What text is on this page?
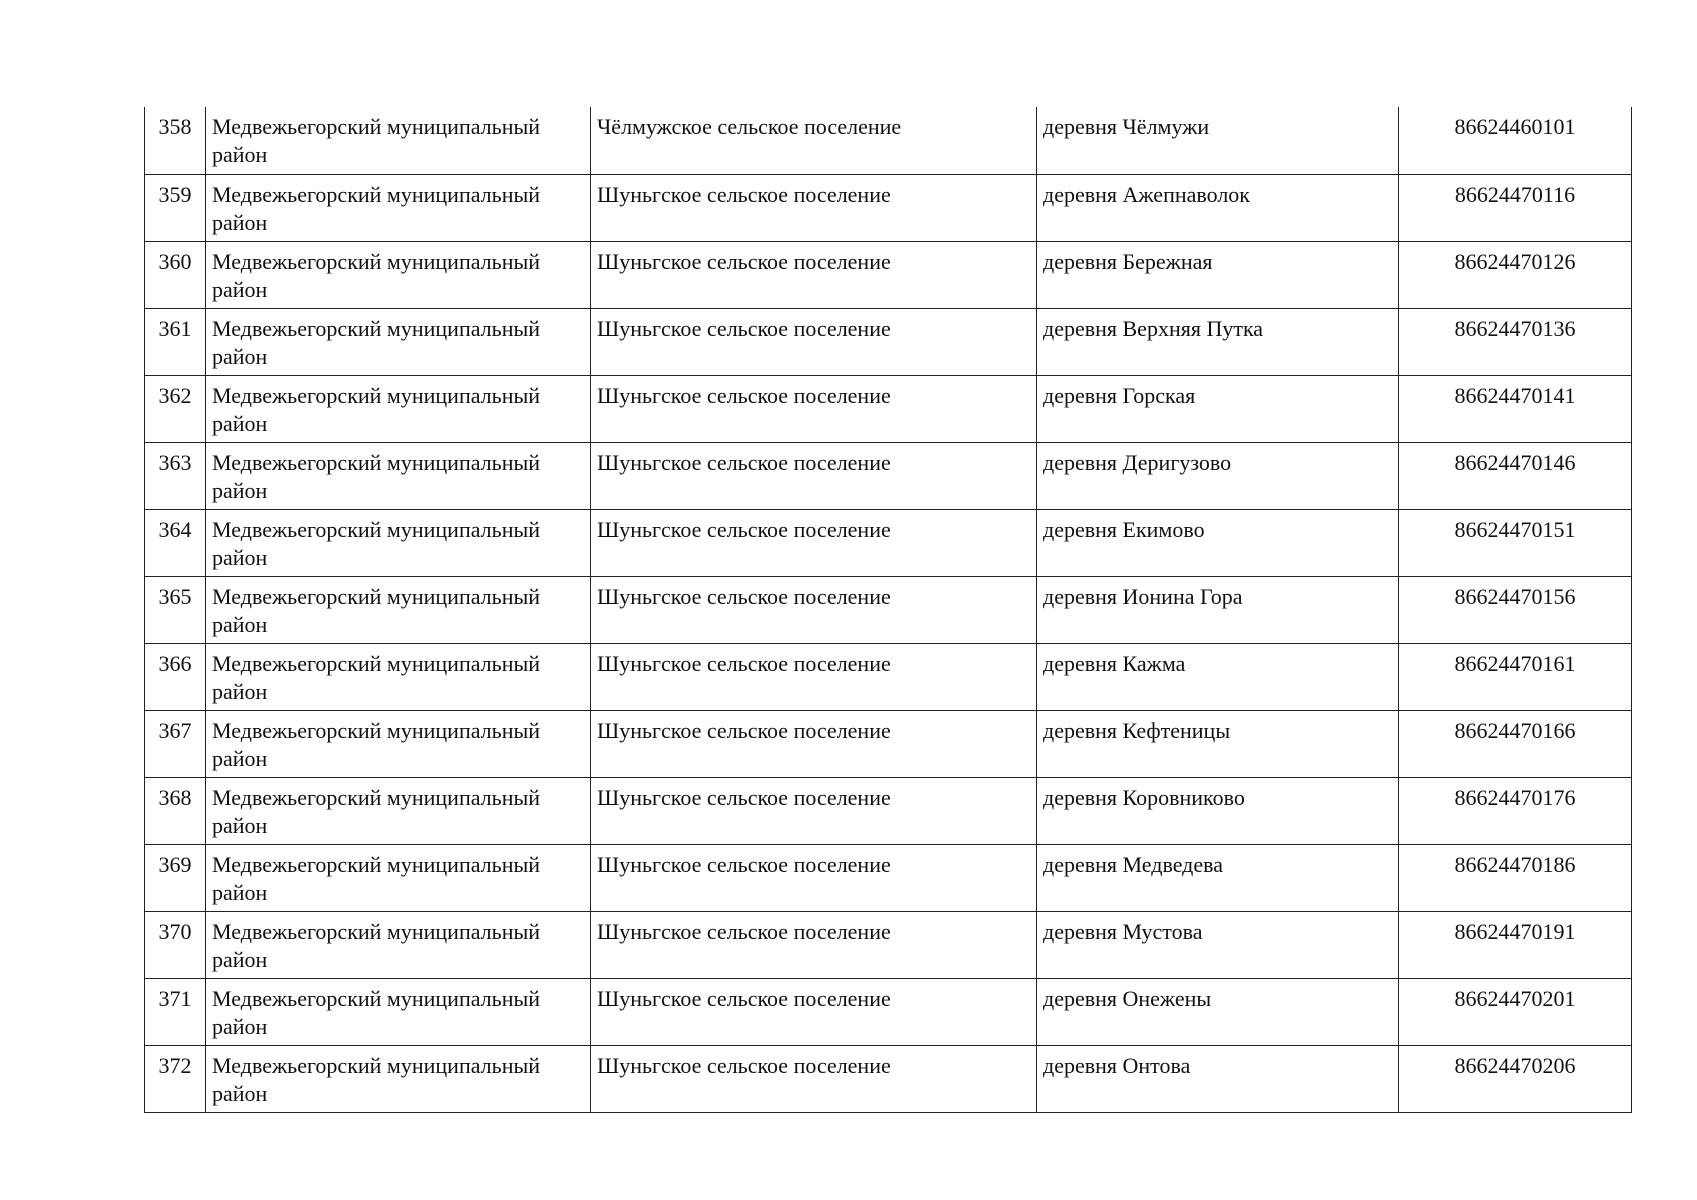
358	Медвежьегорский муниципальный район	Чёлмужское сельское поселение	деревня Чёлмужи	86624460101
359	Медвежьегорский муниципальный район	Шуньгское сельское поселение	деревня Ажепнаволок	86624470116
360	Медвежьегорский муниципальный район	Шуньгское сельское поселение	деревня Бережная	86624470126
361	Медвежьегорский муниципальный район	Шуньгское сельское поселение	деревня Верхняя Путка	86624470136
362	Медвежьегорский муниципальный район	Шуньгское сельское поселение	деревня Горская	86624470141
363	Медвежьегорский муниципальный район	Шуньгское сельское поселение	деревня Деригузово	86624470146
364	Медвежьегорский муниципальный район	Шуньгское сельское поселение	деревня Екимово	86624470151
365	Медвежьегорский муниципальный район	Шуньгское сельское поселение	деревня Ионина Гора	86624470156
366	Медвежьегорский муниципальный район	Шуньгское сельское поселение	деревня Кажма	86624470161
367	Медвежьегорский муниципальный район	Шуньгское сельское поселение	деревня Кефтеницы	86624470166
368	Медвежьегорский муниципальный район	Шуньгское сельское поселение	деревня Коровниково	86624470176
369	Медвежьегорский муниципальный район	Шуньгское сельское поселение	деревня Медведева	86624470186
370	Медвежьегорский муниципальный район	Шуньгское сельское поселение	деревня Мустова	86624470191
371	Медвежьегорский муниципальный район	Шуньгское сельское поселение	деревня Онежены	86624470201
372	Медвежьегорский муниципальный район	Шуньгское сельское поселение	деревня Онтова	86624470206
